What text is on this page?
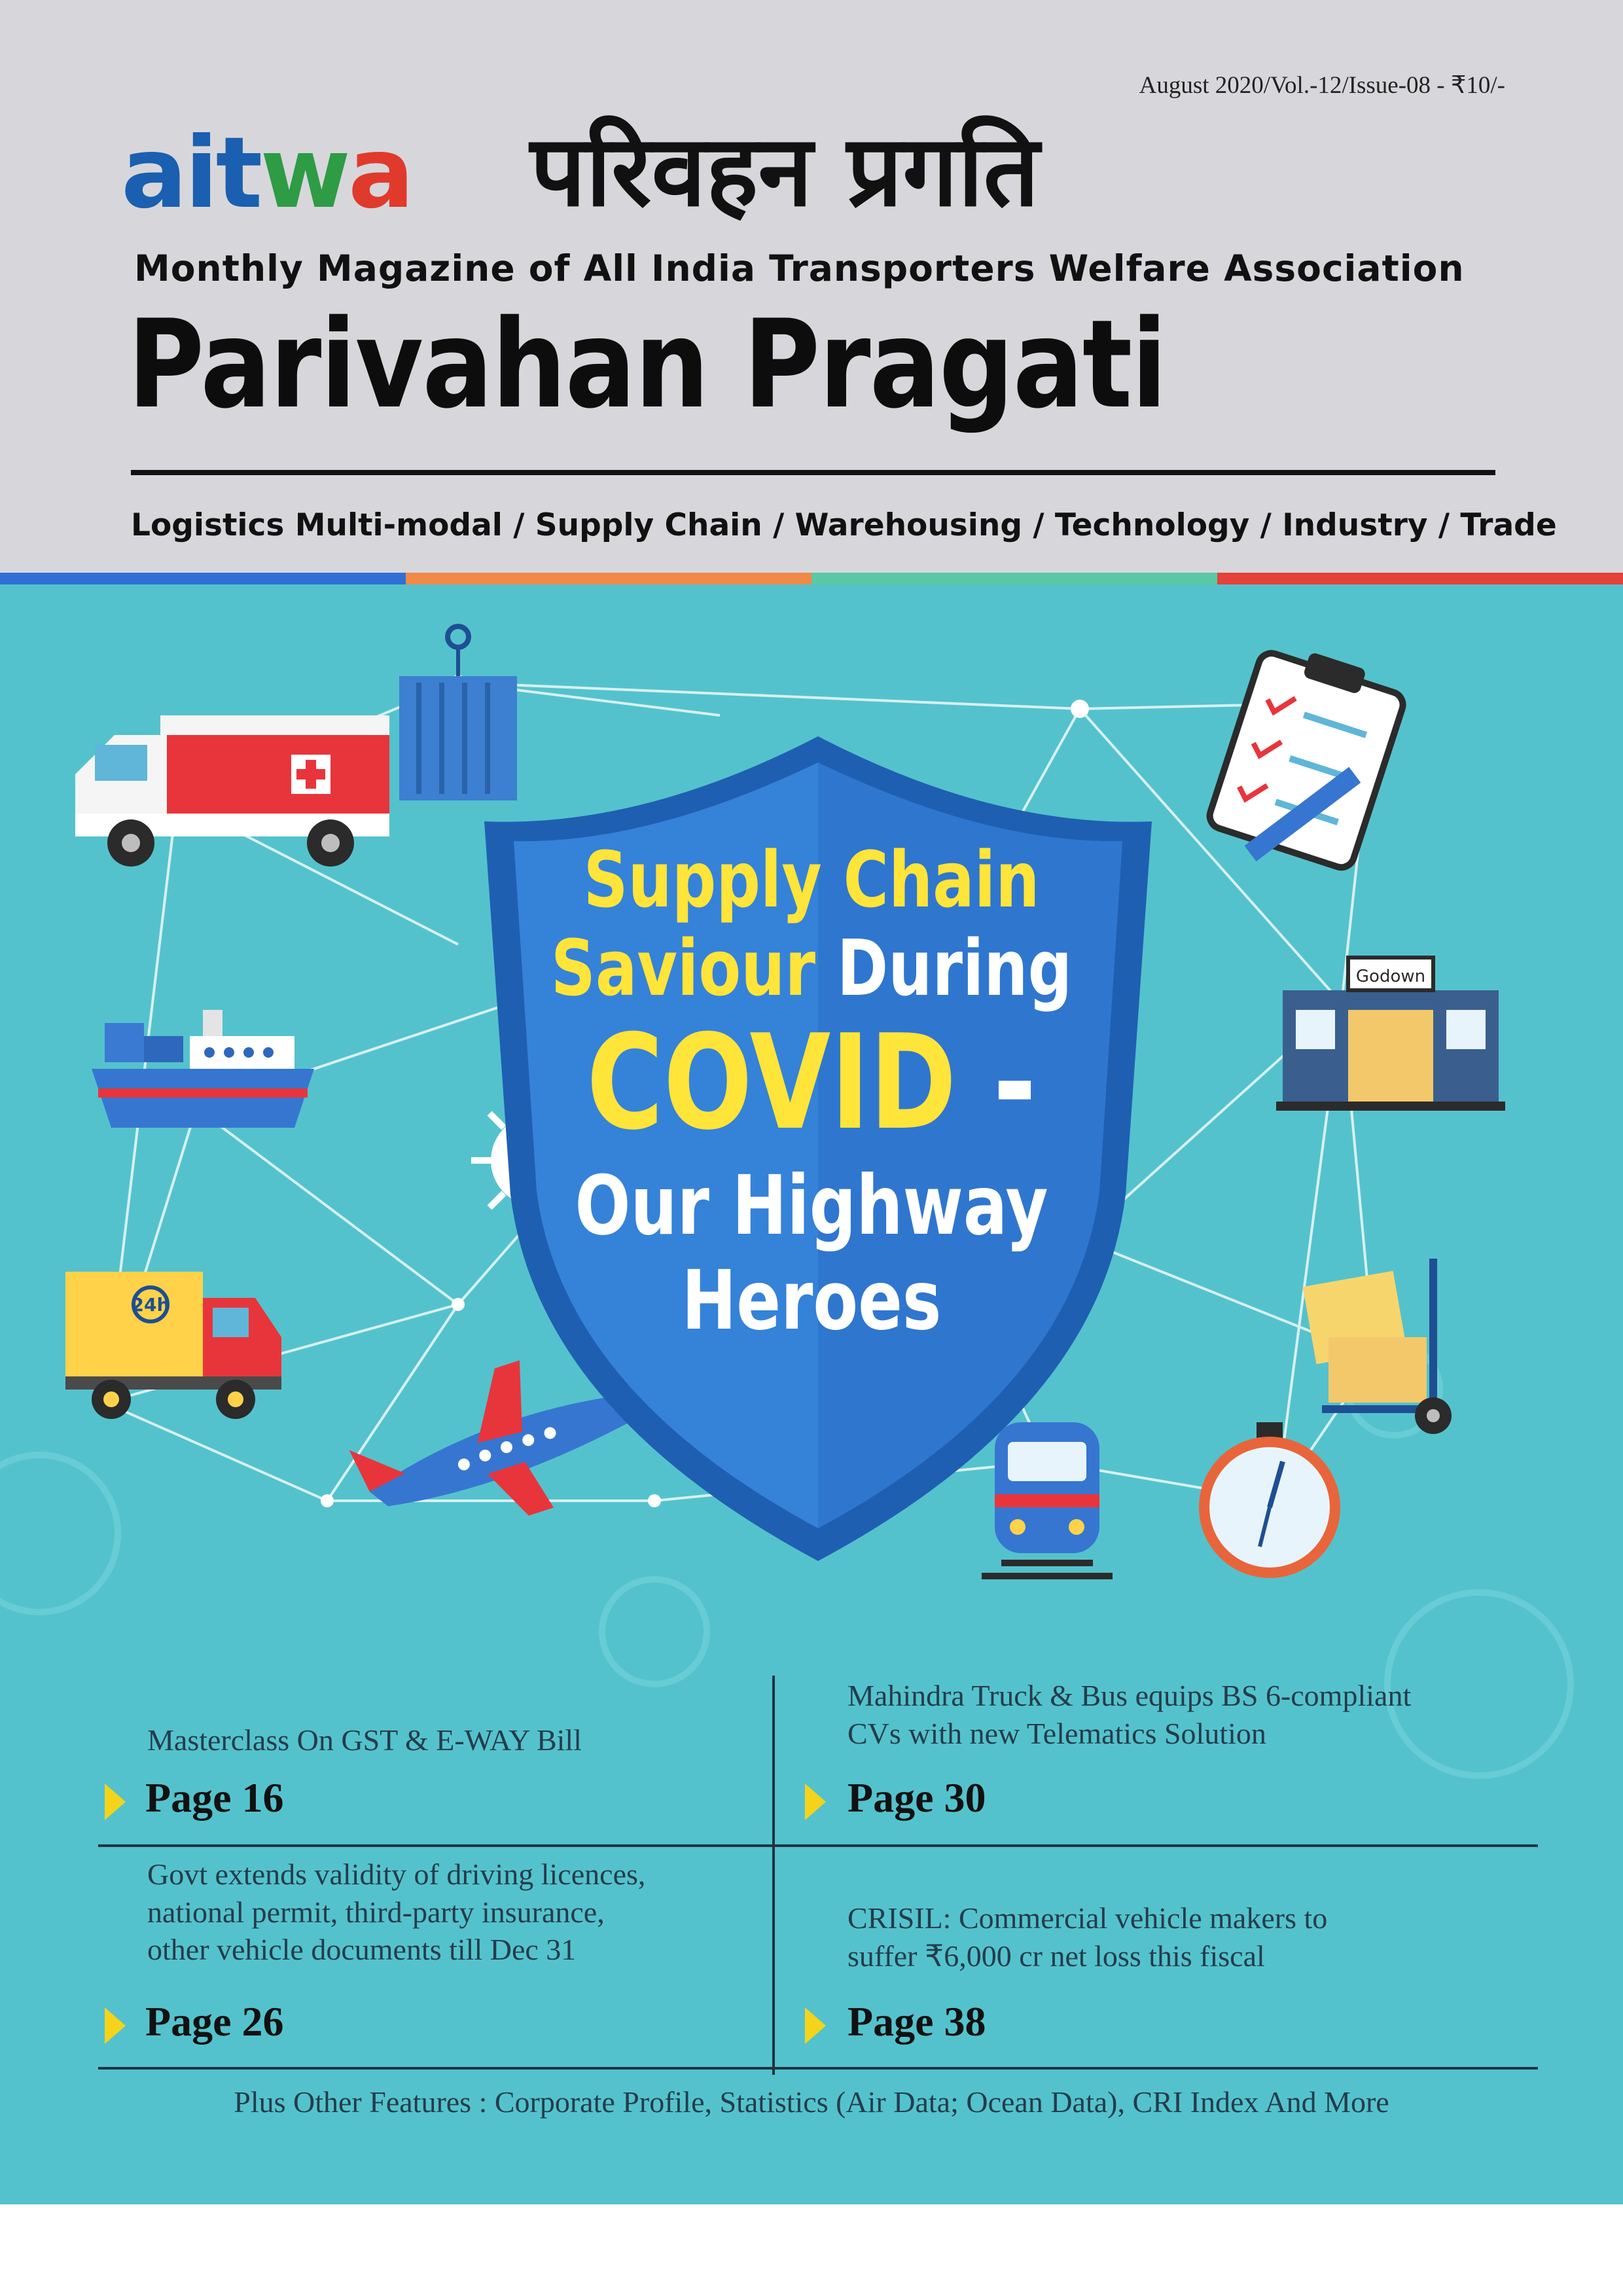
August 2020/Vol.-12/Issue-08 - ₹10/-
aitwa परिवहन प्रगति
Monthly Magazine of All India Transporters Welfare Association
Parivahan Pragati
Logistics Multi-modal / Supply Chain / Warehousing / Technology / Industry / Trade
24h
Godown
Supply Chain
Saviour During
COVID -
Our Highway
Heroes
Masterclass On GST & E-WAY Bill
Page 16
Mahindra Truck & Bus equips BS 6-compliant
CVs with new Telematics Solution
Page 30
Govt extends validity of driving licences,
national permit, third-party insurance,
other vehicle documents till Dec 31
Page 26
CRISIL: Commercial vehicle makers to
suffer ₹6,000 cr net loss this fiscal
Page 38
Plus Other Features : Corporate Profile, Statistics (Air Data; Ocean Data), CRI Index And More
